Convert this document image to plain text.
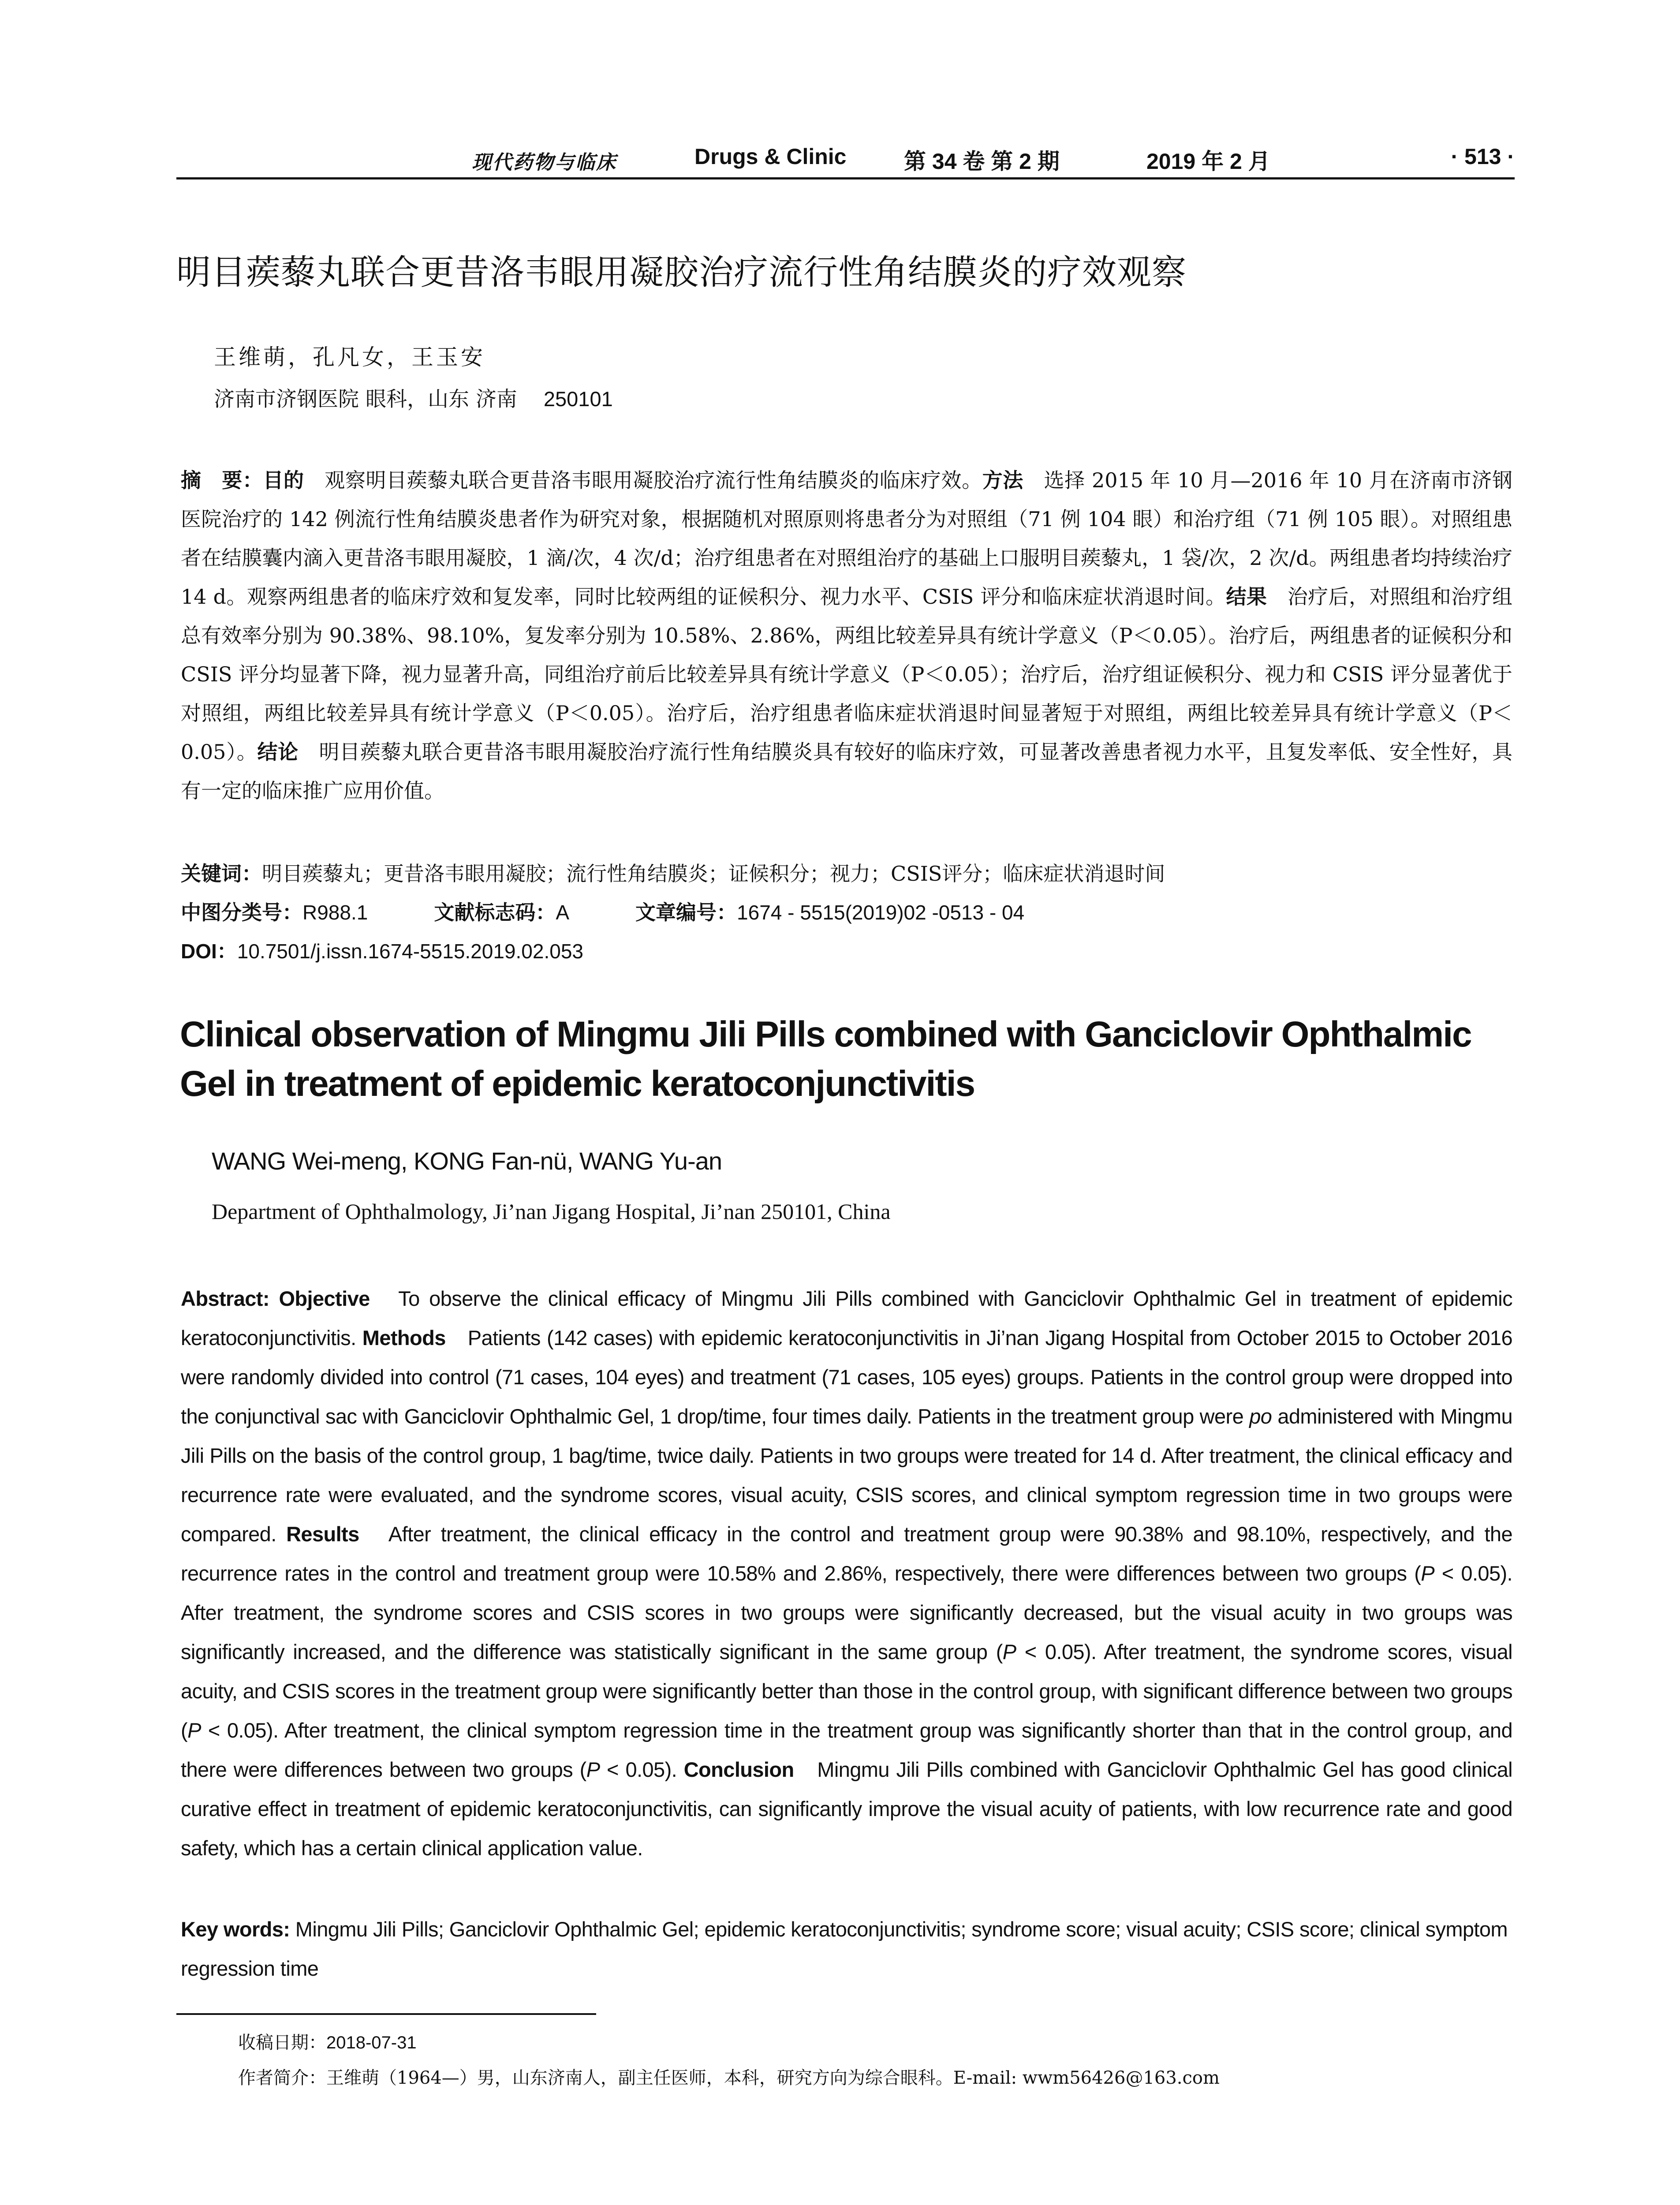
现代药物与临床	Drugs & Clinic	第 34 卷 第 2 期	2019 年 2 月	· 513 ·
明目蒺藜丸联合更昔洛韦眼用凝胶治疗流行性角结膜炎的疗效观察
王维萌，孔凡女，王玉安
济南市济钢医院 眼科，山东 济南 250101
摘　要：目的　观察明目蒺藜丸联合更昔洛韦眼用凝胶治疗流行性角结膜炎的临床疗效。方法　选择 2015 年 10 月—2016 年 10 月在济南市济钢医院治疗的 142 例流行性角结膜炎患者作为研究对象，根据随机对照原则将患者分为对照组（71 例 104 眼）和治疗组（71 例 105 眼）。对照组患者在结膜囊内滴入更昔洛韦眼用凝胶，1 滴/次，4 次/d；治疗组患者在对照组治疗的基础上口服明目蒺藜丸，1 袋/次，2 次/d。两组患者均持续治疗 14 d。观察两组患者的临床疗效和复发率，同时比较两组的证候积分、视力水平、CSIS 评分和临床症状消退时间。结果　治疗后，对照组和治疗组总有效率分别为 90.38%、98.10%，复发率分别为 10.58%、2.86%，两组比较差异具有统计学意义（P＜0.05）。治疗后，两组患者的证候积分和 CSIS 评分均显著下降，视力显著升高，同组治疗前后比较差异具有统计学意义（P＜0.05）；治疗后，治疗组证候积分、视力和 CSIS 评分显著优于对照组，两组比较差异具有统计学意义（P＜0.05）。治疗后，治疗组患者临床症状消退时间显著短于对照组，两组比较差异具有统计学意义（P＜0.05）。结论　明目蒺藜丸联合更昔洛韦眼用凝胶治疗流行性角结膜炎具有较好的临床疗效，可显著改善患者视力水平，且复发率低、安全性好，具有一定的临床推广应用价值。
关键词：明目蒺藜丸；更昔洛韦眼用凝胶；流行性角结膜炎；证候积分；视力；CSIS评分；临床症状消退时间
中图分类号：R988.1	文献标志码：A	文章编号：1674 - 5515(2019)02 -0513 - 04
DOI：10.7501/j.issn.1674-5515.2019.02.053
Clinical observation of Mingmu Jili Pills combined with Ganciclovir Ophthalmic Gel in treatment of epidemic keratoconjunctivitis
WANG Wei-meng, KONG Fan-nü, WANG Yu-an
Department of Ophthalmology, Ji’nan Jigang Hospital, Ji’nan 250101, China
Abstract: Objective　To observe the clinical efficacy of Mingmu Jili Pills combined with Ganciclovir Ophthalmic Gel in treatment of epidemic keratoconjunctivitis. Methods　Patients (142 cases) with epidemic keratoconjunctivitis in Ji’nan Jigang Hospital from October 2015 to October 2016 were randomly divided into control (71 cases, 104 eyes) and treatment (71 cases, 105 eyes) groups. Patients in the control group were dropped into the conjunctival sac with Ganciclovir Ophthalmic Gel, 1 drop/time, four times daily. Patients in the treatment group were po administered with Mingmu Jili Pills on the basis of the control group, 1 bag/time, twice daily. Patients in two groups were treated for 14 d. After treatment, the clinical efficacy and recurrence rate were evaluated, and the syndrome scores, visual acuity, CSIS scores, and clinical symptom regression time in two groups were compared. Results　After treatment, the clinical efficacy in the control and treatment group were 90.38% and 98.10%, respectively, and the recurrence rates in the control and treatment group were 10.58% and 2.86%, respectively, there were differences between two groups (P < 0.05). After treatment, the syndrome scores and CSIS scores in two groups were significantly decreased, but the visual acuity in two groups was significantly increased, and the difference was statistically significant in the same group (P < 0.05). After treatment, the syndrome scores, visual acuity, and CSIS scores in the treatment group were significantly better than those in the control group, with significant difference between two groups (P < 0.05). After treatment, the clinical symptom regression time in the treatment group was significantly shorter than that in the control group, and there were differences between two groups (P < 0.05). Conclusion　Mingmu Jili Pills combined with Ganciclovir Ophthalmic Gel has good clinical curative effect in treatment of epidemic keratoconjunctivitis, can significantly improve the visual acuity of patients, with low recurrence rate and good safety, which has a certain clinical application value.
Key words: Mingmu Jili Pills; Ganciclovir Ophthalmic Gel; epidemic keratoconjunctivitis; syndrome score; visual acuity; CSIS score; clinical symptom regression time
收稿日期：2018-07-31
作者简介：王维萌（1964—）男，山东济南人，副主任医师，本科，研究方向为综合眼科。E-mail: wwm56426@163.com
